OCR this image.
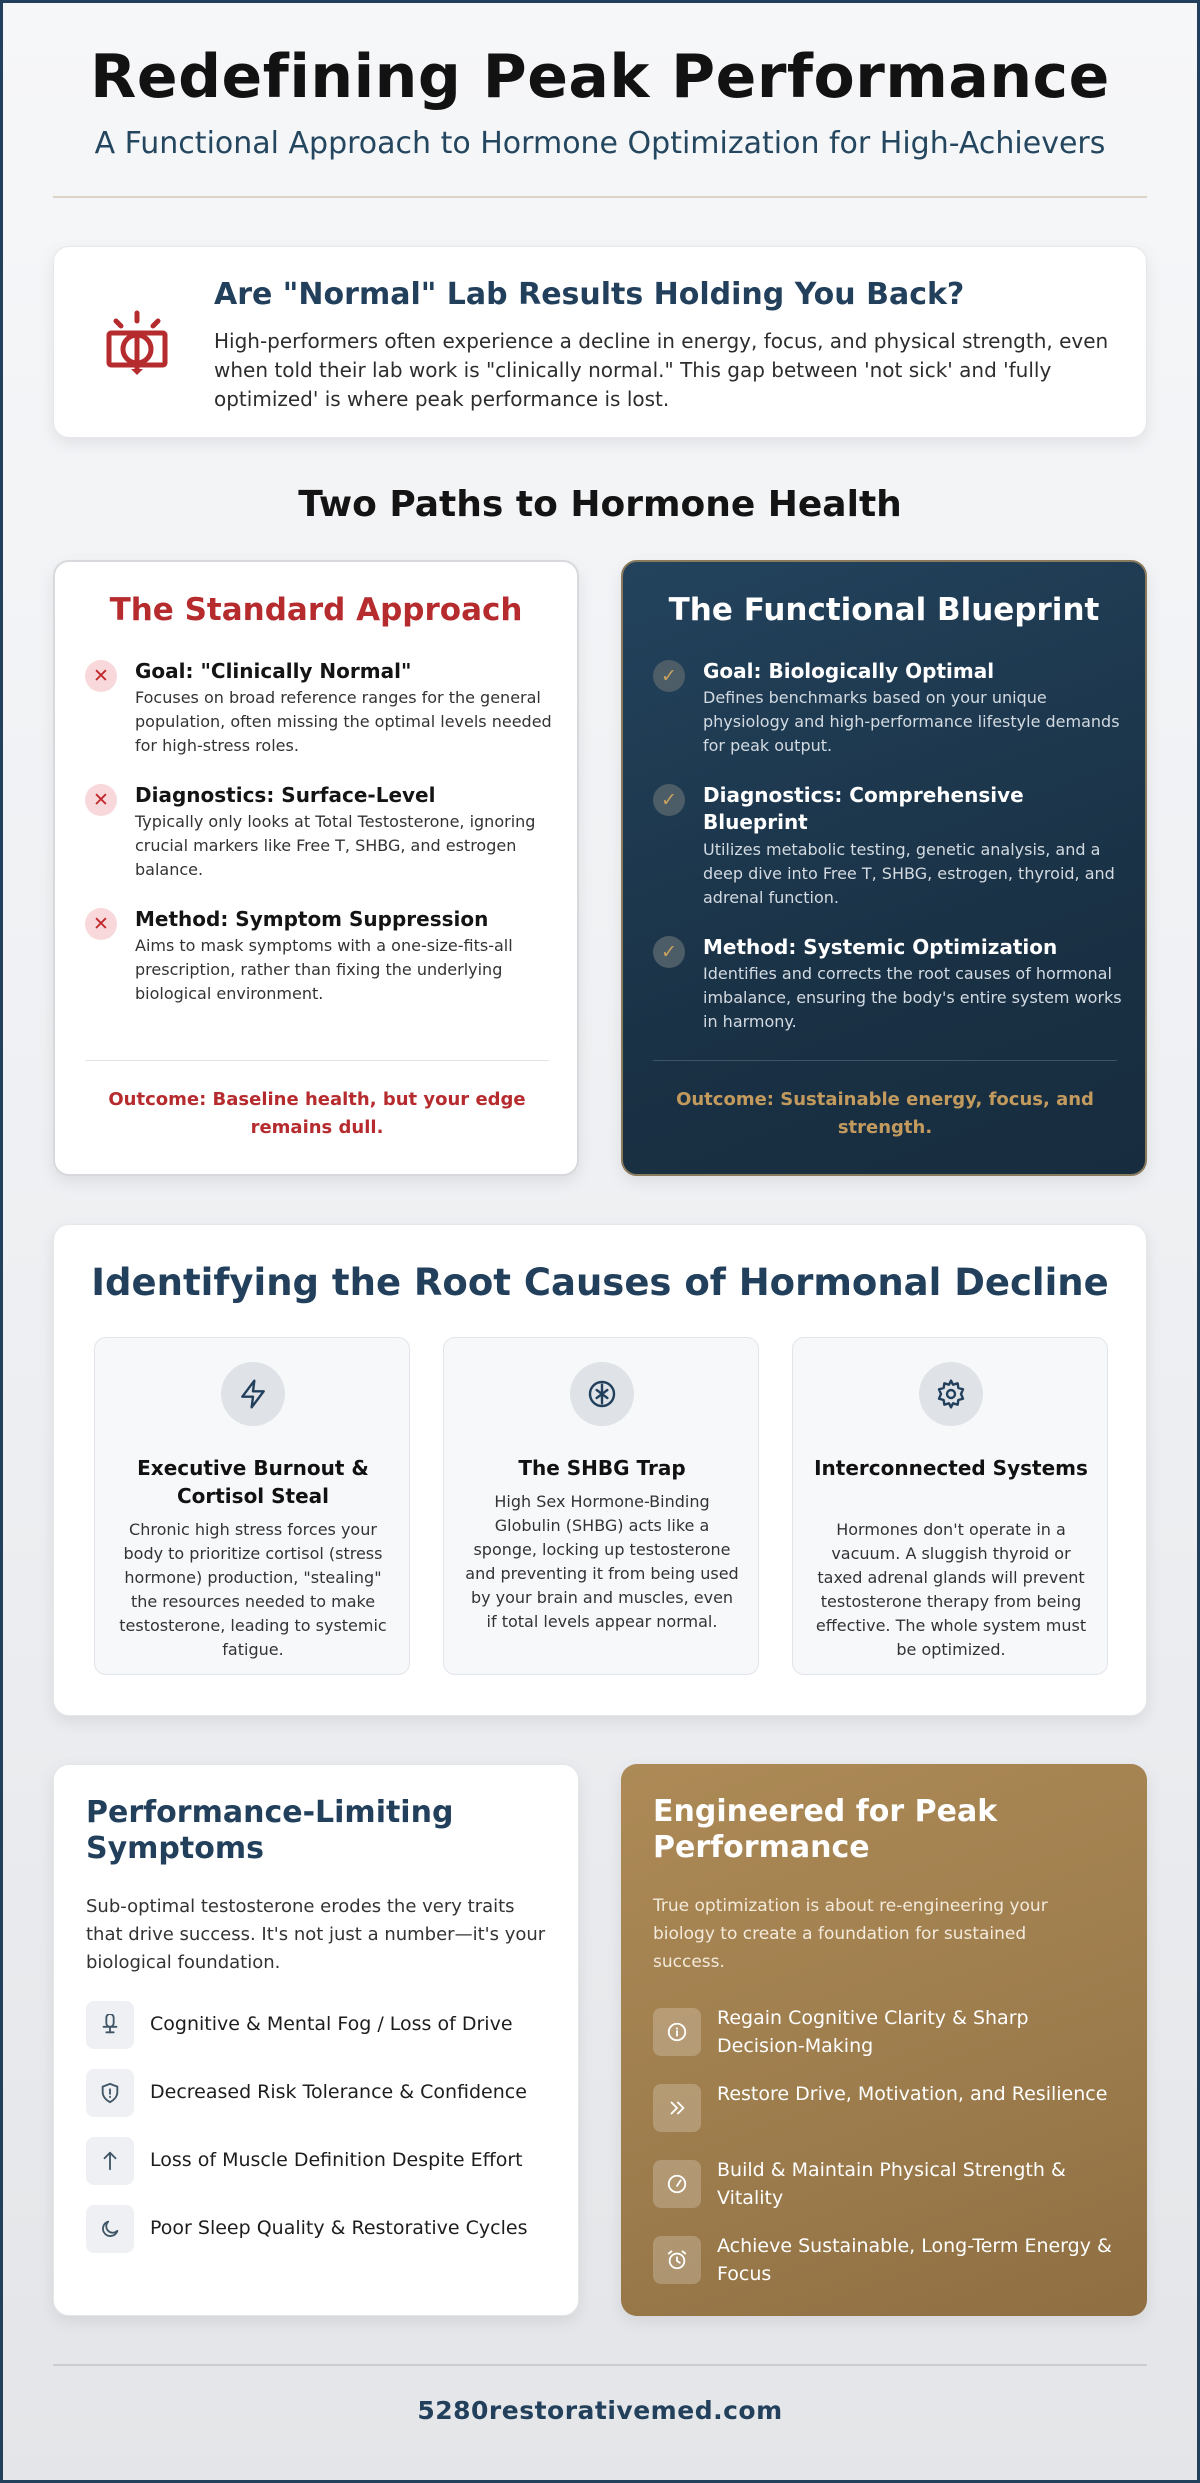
Redefining Peak Performance
A Functional Approach to Hormone Optimization for High-Achievers
Are "Normal" Lab Results Holding You Back?

High-performers often experience a decline in energy, focus, and physical strength, even when told their lab work is "clinically normal." This gap between 'not sick' and 'fully optimized' is where peak performance is lost.

Two Paths to Hormone Health
The Standard Approach
✕	Goal: "Clinically Normal"
Focuses on broad reference ranges for the general population, often missing the optimal levels needed for high-stress roles.
✕	Diagnostics: Surface-Level
Typically only looks at Total Testosterone, ignoring crucial markers like Free T, SHBG, and estrogen balance.
✕	Method: Symptom Suppression
Aims to mask symptoms with a one-size-fits-all prescription, rather than fixing the underlying biological environment.
Outcome: Baseline health, but your edge remains dull.
The Functional Blueprint
✓	Goal: Biologically Optimal
Defines benchmarks based on your unique physiology and high-performance lifestyle demands for peak output.
✓	Diagnostics: Comprehensive Blueprint
Utilizes metabolic testing, genetic analysis, and a deep dive into Free T, SHBG, estrogen, thyroid, and adrenal function.
✓	Method: Systemic Optimization
Identifies and corrects the root causes of hormonal imbalance, ensuring the body's entire system works in harmony.
Outcome: Sustainable energy, focus, and strength.
Identifying the Root Causes of Hormonal Decline
Executive Burnout & Cortisol Steal
Chronic high stress forces your body to prioritize cortisol (stress hormone) production, "stealing" the resources needed to make testosterone, leading to systemic fatigue.
The SHBG Trap
High Sex Hormone-Binding Globulin (SHBG) acts like a sponge, locking up testosterone and preventing it from being used by your brain and muscles, even if total levels appear normal.
Interconnected Systems
Hormones don't operate in a vacuum. A sluggish thyroid or taxed adrenal glands will prevent testosterone therapy from being effective. The whole system must be optimized.
Performance-Limiting Symptoms

Sub-optimal testosterone erodes the very traits that drive success. It's not just a number—it's your biological foundation.

Cognitive & Mental Fog / Loss of Drive
Decreased Risk Tolerance & Confidence
Loss of Muscle Definition Despite Effort
Poor Sleep Quality & Restorative Cycles
Engineered for Peak Performance

True optimization is about re-engineering your biology to create a foundation for sustained success.

Regain Cognitive Clarity & Sharp Decision-Making
Restore Drive, Motivation, and Resilience
Build & Maintain Physical Strength & Vitality
Achieve Sustainable, Long-Term Energy & Focus
5280restorativemed.com
